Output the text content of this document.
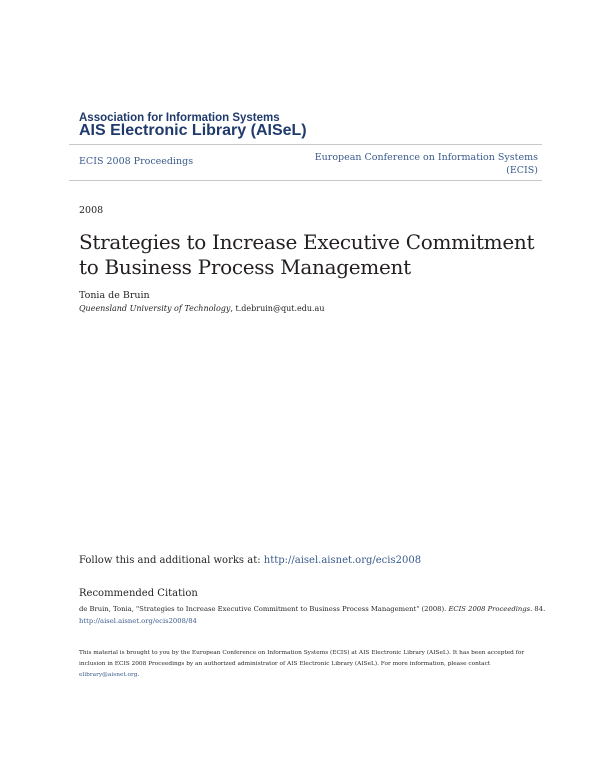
Association for Information Systems
AIS Electronic Library (AISeL)
ECIS 2008 Proceedings	European Conference on Information Systems
(ECIS)
2008
Strategies to Increase Executive Commitment to Business Process Management
Tonia de Bruin
Queensland University of Technology, t.debruin@qut.edu.au
Follow this and additional works at: http://aisel.aisnet.org/ecis2008
Recommended Citation
de Bruin, Tonia, "Strategies to Increase Executive Commitment to Business Process Management" (2008). ECIS 2008 Proceedings. 84.
http://aisel.aisnet.org/ecis2008/84
This material is brought to you by the European Conference on Information Systems (ECIS) at AIS Electronic Library (AISeL). It has been accepted for inclusion in ECIS 2008 Proceedings by an authorized administrator of AIS Electronic Library (AISeL). For more information, please contact elibrary@aisnet.org.
